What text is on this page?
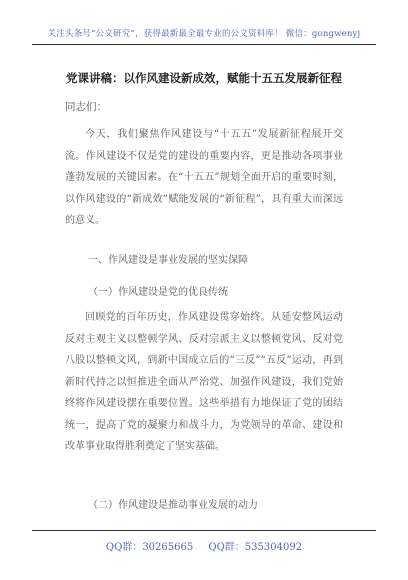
关注头条号“公文研究”，获得最新最全最专业的公文资料库！ 微信：gongwenyj
党课讲稿：以作风建设新成效，赋能十五五发展新征程
同志们：

今天，我们聚焦作风建设与“十五五”发展新征程展开交流。作风建设不仅是党的建设的重要内容，更是推动各项事业蓬勃发展的关键因素。在“十五五”规划全面开启的重要时刻，以作风建设的“新成效”赋能发展的“新征程”，具有重大而深远的意义。

一、作风建设是事业发展的坚实保障
（一）作风建设是党的优良传统

回顾党的百年历史，作风建设贯穿始终。从延安整风运动反对主观主义以整顿学风、反对宗派主义以整顿党风、反对党八股以整顿文风，到新中国成立后的“三反”“五反”运动，再到新时代持之以恒推进全面从严治党、加强作风建设，我们党始终将作风建设摆在重要位置。这些举措有力地保证了党的团结统一，提高了党的凝聚力和战斗力，为党领导的革命、建设和改革事业取得胜利奠定了坚实基础。

（二）作风建设是推动事业发展的动力
QQ群：30265665 QQ群：535304092
